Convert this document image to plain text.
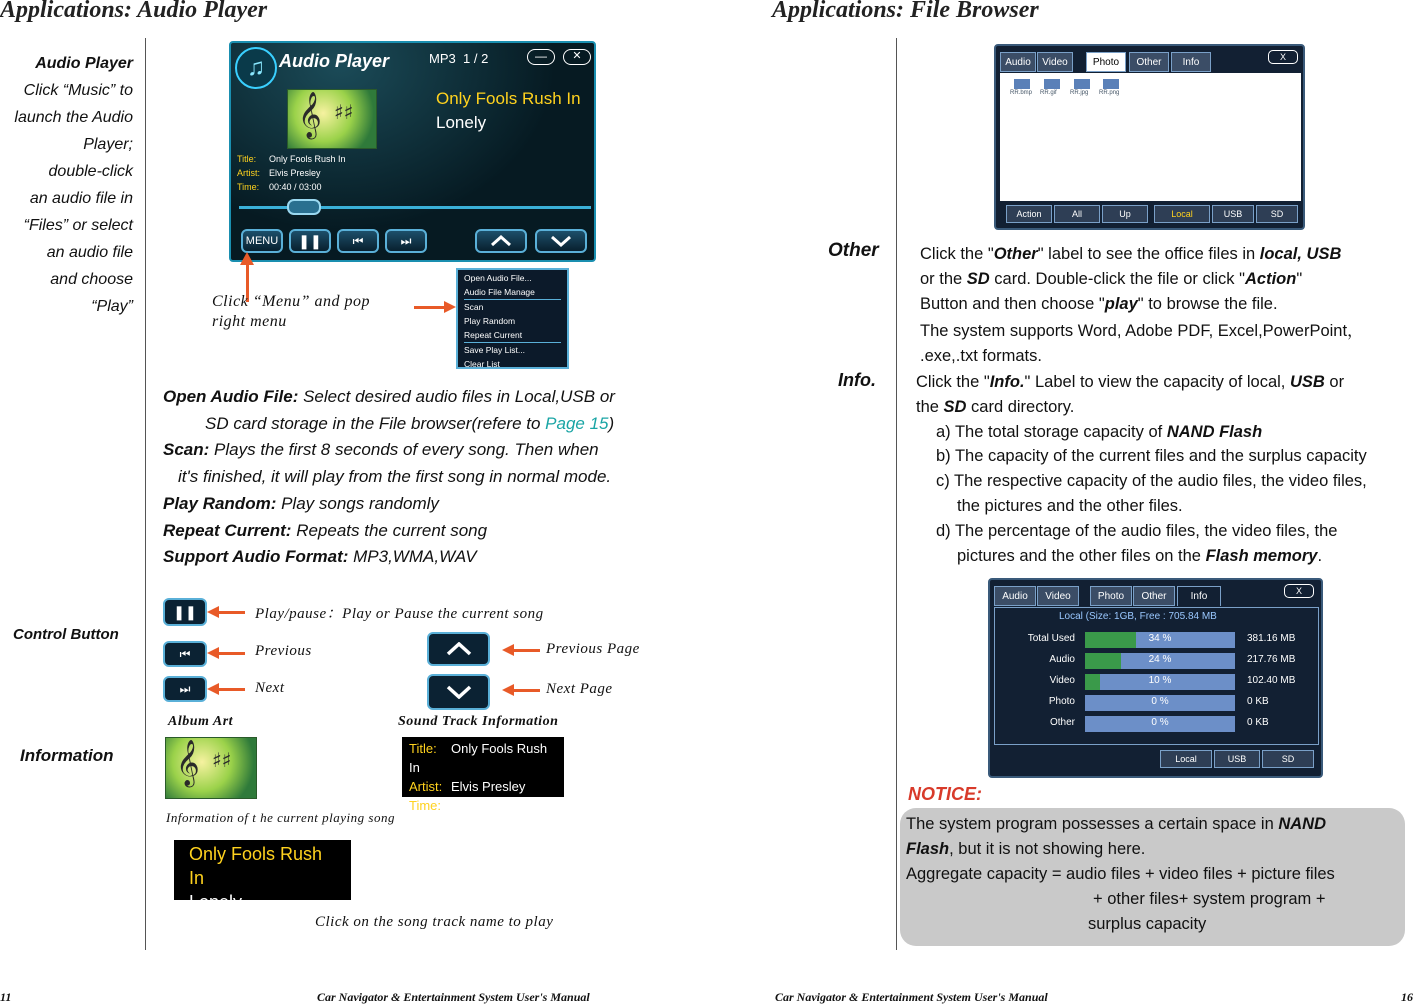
Applications: Audio Player
Audio Player
Click “Music” to
launch the Audio
Player;
double-click
an audio file in
“Files” or select
an audio file
and choose
“Play”
♫ Audio Player	MP3 1 / 2	—	✕
𝄞 ♯♯
Only Fools Rush In
Lonely
Title: Only Fools Rush In
Artist: Elvis Presley
Time: 00:40 / 03:00
MENU	❚❚	⏮	⏭
Click “Menu” and pop
right menu
Open Audio File...
Audio File Manage
Scan
Play Random
Repeat Current
Save Play List...
Clear List
Open Audio File: Select desired audio files in Local,USB or
SD card storage in the File browser(refere to Page 15)
Scan: Plays the first 8 seconds of every song. Then when
it's finished, it will play from the first song in normal mode.
Play Random: Play songs randomly
Repeat Current: Repeats the current song
Support Audio Format: MP3,WMA,WAV
Control Button
❚❚	Play/pause：Play or Pause the current song
⏮	Previous
⏭	Next
Previous Page
Next Page
Information
Album Art	Sound Track Information
𝄞 ♯♯	Title: Only Fools Rush In
Artist: Elvis Presley
Time: 00:40 / 03:00
Information of t he current playing song
Only Fools Rush In
Lonely
Click on the song track name to play
11	Car Navigator & Entertainment System User's Manual
Applications: File Browser
Audio	Video	Photo	Other	Info	X
RR.bmp RR.gif RR.jpg RR.png
Action	All	Up	Local	USB	SD
Other	Click the "Other" label to see the office files in local, USB
or the SD card. Double-click the file or click "Action"
Button and then choose "play" to browse the file.
The system supports Word, Adobe PDF, Excel,PowerPoint，
.exe,.txt formats.
Info. Click the "Info." Label to view the capacity of local, USB or
the SD card directory.
a) The total storage capacity of NAND Flash
b) The capacity of the current files and the surplus capacity
c) The respective capacity of the audio files, the video files,
the pictures and the other files.
d) The percentage of the audio files, the video files, the
pictures and the other files on the Flash memory.
Audio	Video	Photo	Other	Info	X
Local (Size: 1GB, Free : 705.84 MB
Total Used	34 %	381.16 MB
Audio	24 %	217.76 MB
Video	10 %	102.40 MB
Photo	0 %	0 KB
Other	0 %	0 KB
Local	USB	SD
NOTICE:
The system program possesses a certain space in NAND
Flash, but it is not showing here.
Aggregate capacity = audio files + video files + picture files
+ other files+ system program +
surplus capacity
Car Navigator & Entertainment System User's Manual	16
